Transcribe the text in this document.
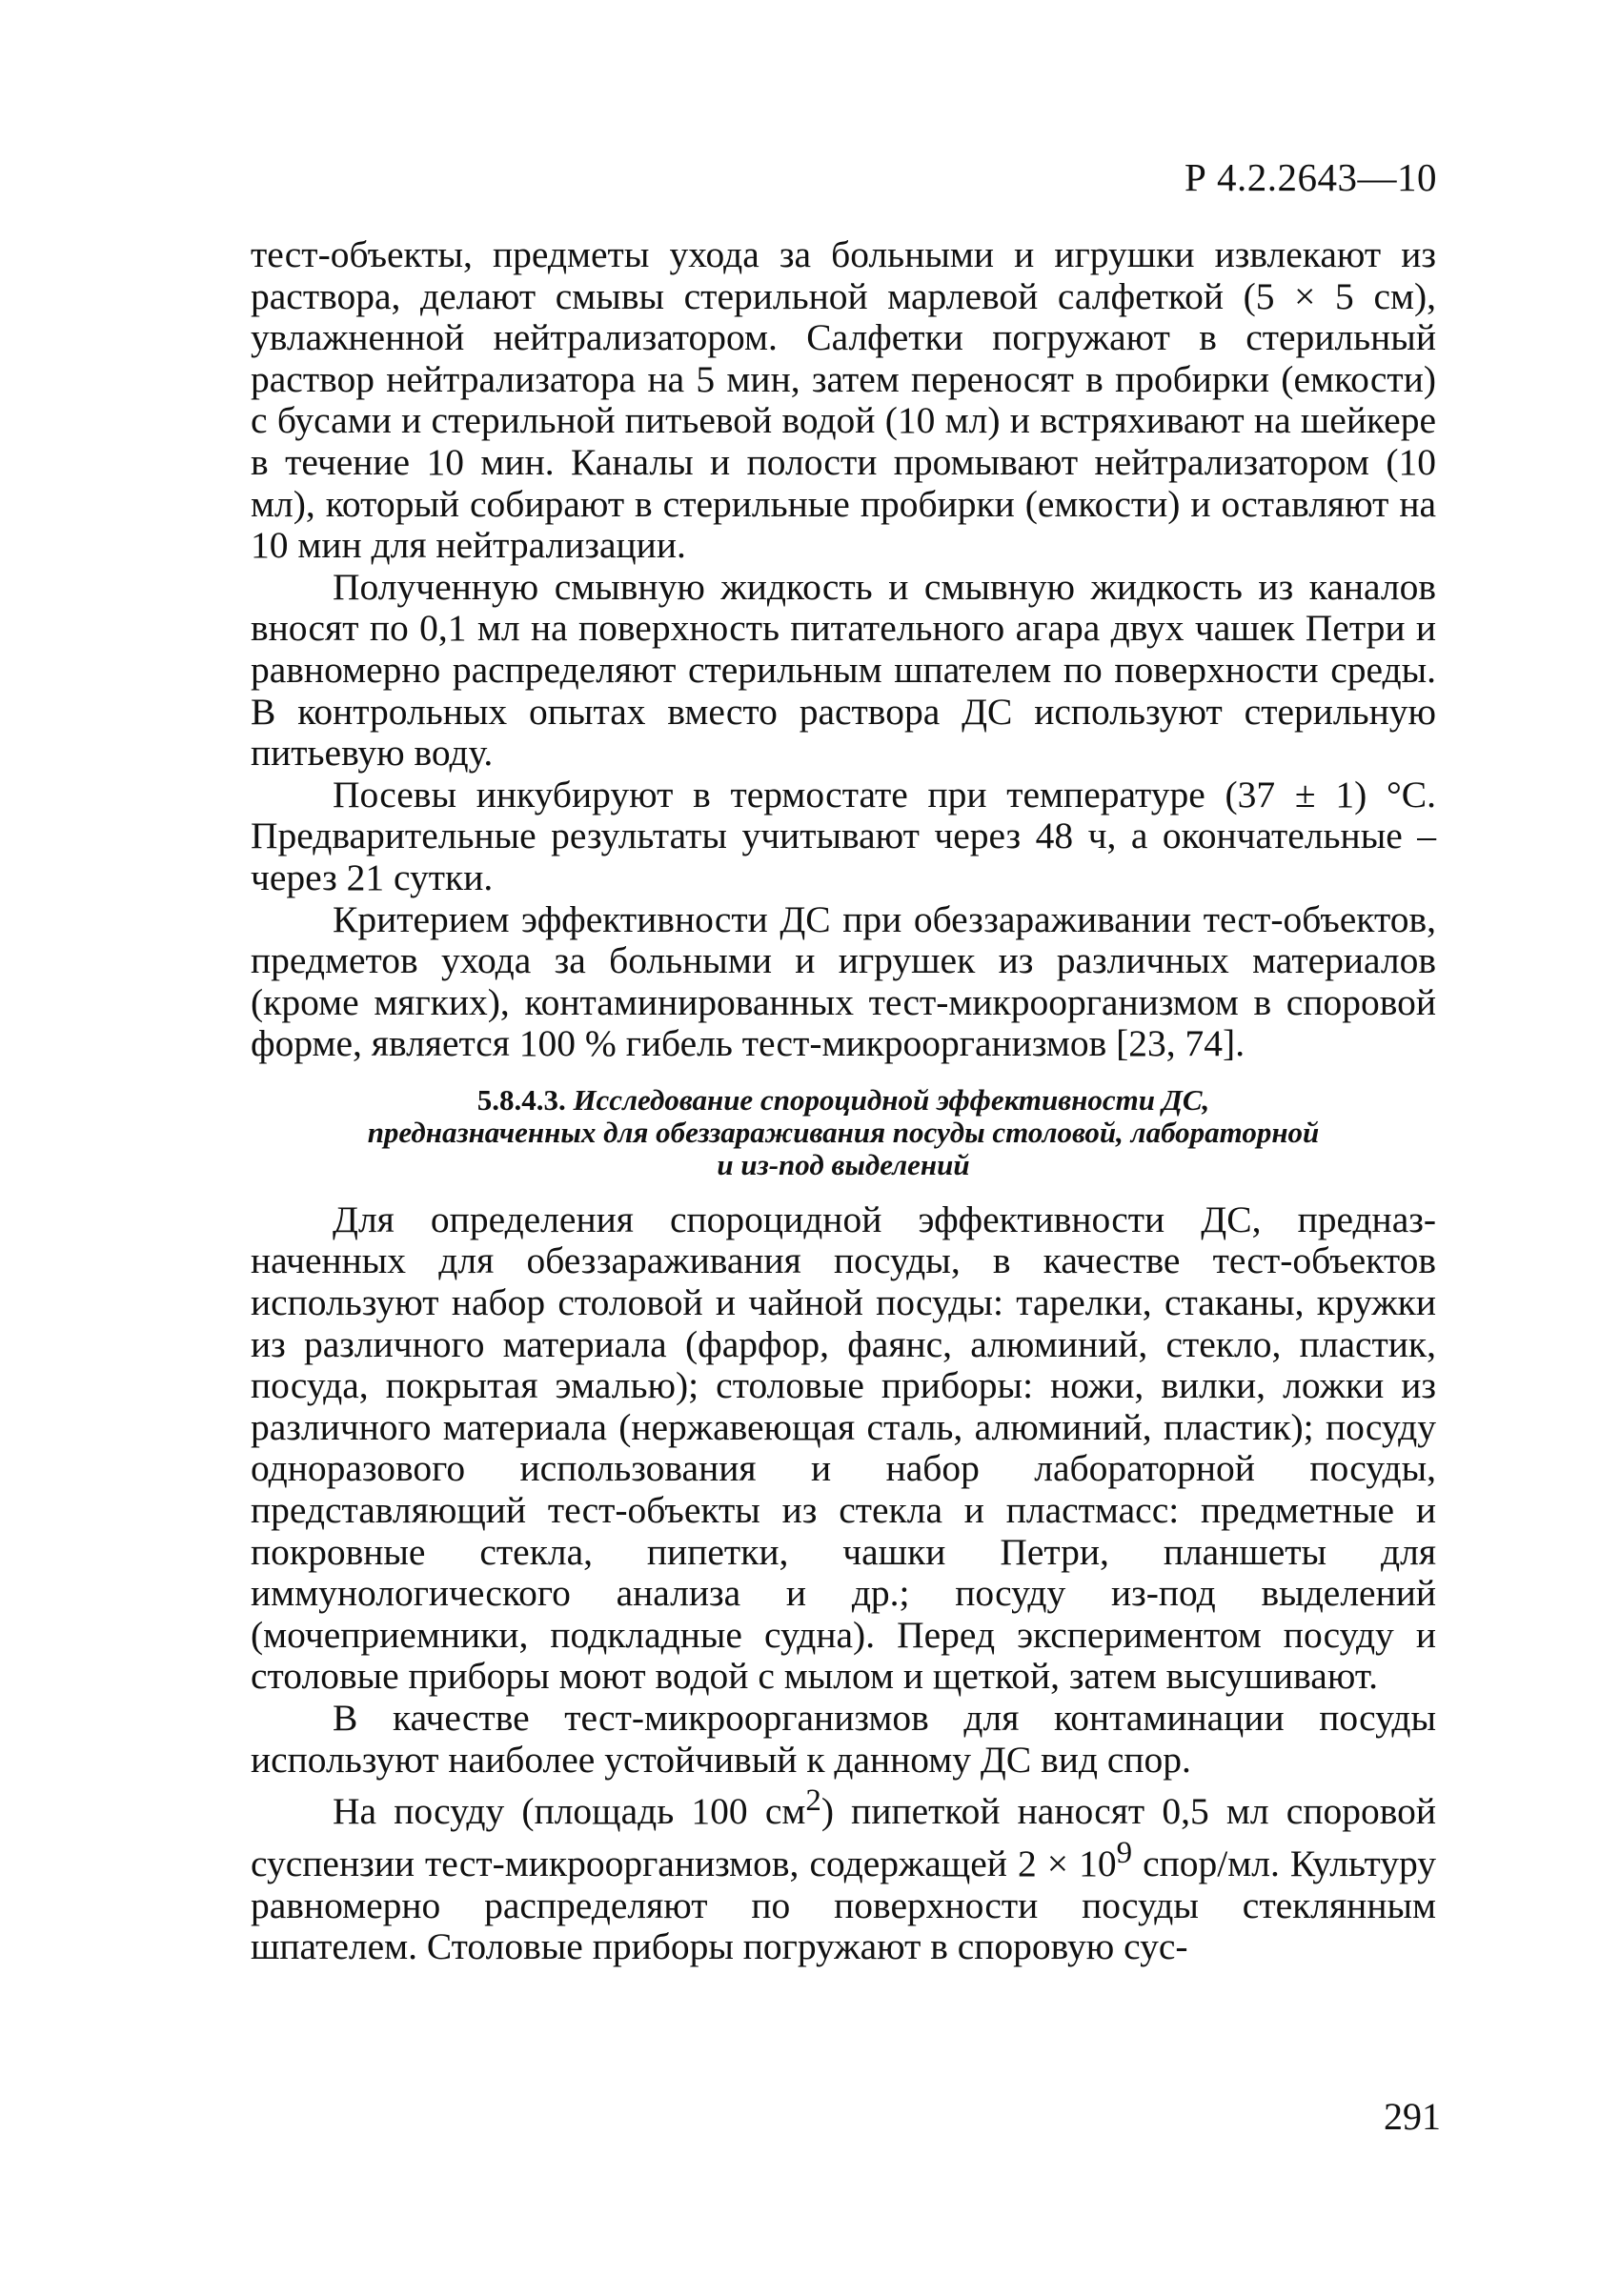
Р 4.2.2643—10

тест-объекты, предметы ухода за больными и игрушки извлекают из раствора, делают смывы стерильной марлевой салфеткой (5 × 5 см), увлажненной нейтрализатором. Салфетки погружают в стерильный раствор нейтрализатора на 5 мин, затем переносят в пробирки (емкости) с бусами и стерильной питьевой водой (10 мл) и встряхивают на шейкере в течение 10 мин. Каналы и полости промывают нейтрализатором (10 мл), который собирают в стерильные пробирки (емкости) и оставляют на 10 мин для нейтрализации.

Полученную смывную жидкость и смывную жидкость из каналов вносят по 0,1 мл на поверхность питательного агара двух чашек Петри и равномерно распределяют стерильным шпателем по поверхности среды. В контрольных опытах вместо раствора ДС используют стерильную питьевую воду.

Посевы инкубируют в термостате при температуре (37 ± 1) °С. Предварительные результаты учитывают через 48 ч, а окончательные – через 21 сутки.

Критерием эффективности ДС при обеззараживании тест-объектов, предметов ухода за больными и игрушек из различных материалов (кроме мягких), контаминированных тест-микроорганизмом в споровой форме, является 100 % гибель тест-микроорганизмов [23, 74].

5.8.4.3. Исследование спороцидной эффективности ДС,
предназначенных для обеззараживания посуды столовой, лабораторной
и из-под выделений

Для определения спороцидной эффективности ДС, предназначенных для обеззараживания посуды, в качестве тест-объектов используют набор столовой и чайной посуды: тарелки, стаканы, кружки из различного материала (фарфор, фаянс, алюминий, стекло, пластик, посуда, покрытая эмалью); столовые приборы: ножи, вилки, ложки из различного материала (нержавеющая сталь, алюминий, пластик); посуду одноразового использования и набор лабораторной посуды, представляющий тест-объекты из стекла и пластмасс: предметные и покровные стекла, пипетки, чашки Петри, планшеты для иммунологического анализа и др.; посуду из-под выделений (мочеприемники, подкладные судна). Перед экспериментом посуду и столовые приборы моют водой с мылом и щеткой, затем высушивают.

В качестве тест-микроорганизмов для контаминации посуды используют наиболее устойчивый к данному ДС вид спор.

На посуду (площадь 100 $см^2$) пипеткой наносят 0,5 мл споровой суспензии тест-микроорганизмов, содержащей $2 \times 10^9$ спор/мл. Культуру равномерно распределяют по поверхности посуды стеклянным шпателем. Столовые приборы погружают в споровую сус-

291
